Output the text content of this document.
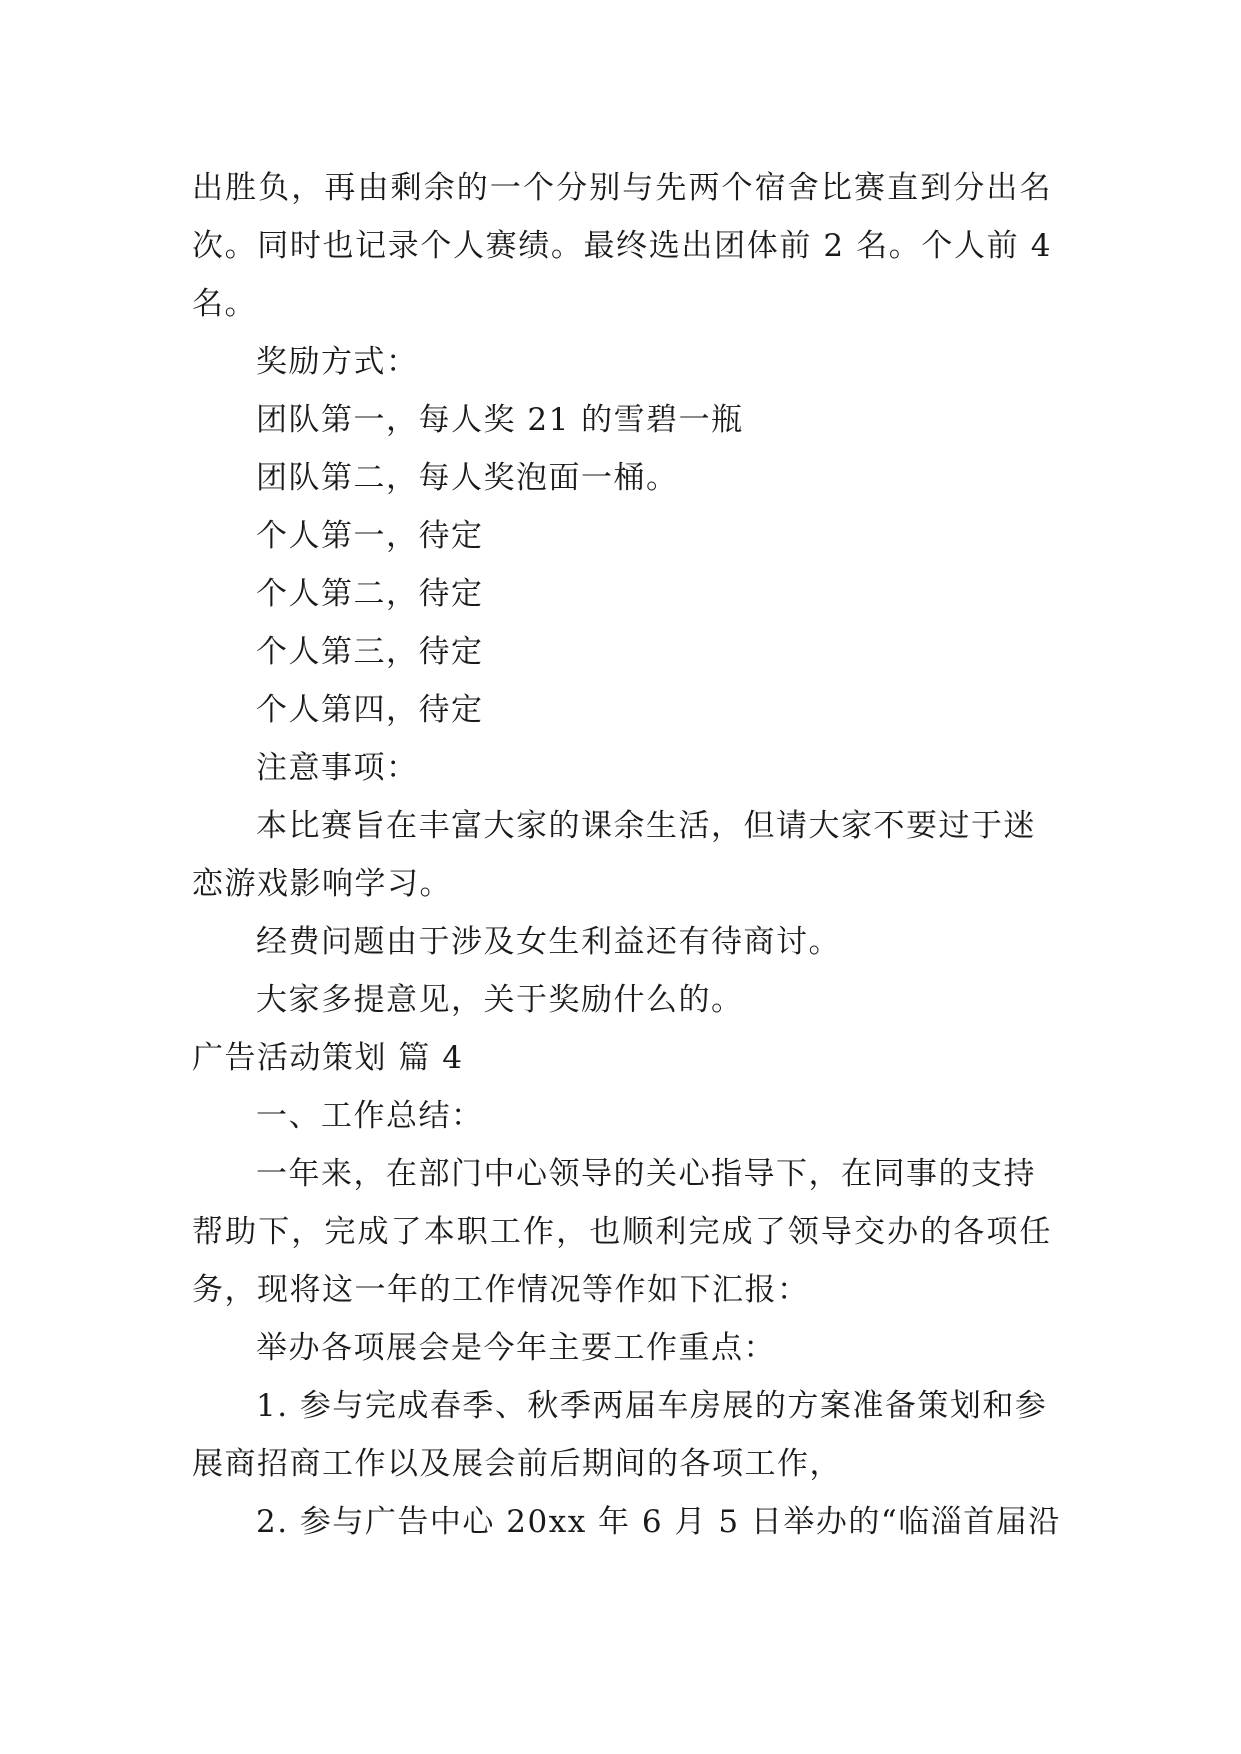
出胜负，再由剩余的一个分别与先两个宿舍比赛直到分出名
次。同时也记录个人赛绩。最终选出团体前 2 名。个人前 4
名。
奖励方式：
团队第一，每人奖 21 的雪碧一瓶
团队第二，每人奖泡面一桶。
个人第一，待定
个人第二，待定
个人第三，待定
个人第四，待定
注意事项：
本比赛旨在丰富大家的课余生活，但请大家不要过于迷
恋游戏影响学习。
经费问题由于涉及女生利益还有待商讨。
大家多提意见，关于奖励什么的。
广告活动策划 篇 4
一、工作总结：
一年来，在部门中心领导的关心指导下，在同事的支持
帮助下，完成了本职工作，也顺利完成了领导交办的各项任
务，现将这一年的工作情况等作如下汇报：
举办各项展会是今年主要工作重点：
1. 参与完成春季、秋季两届车房展的方案准备策划和参
展商招商工作以及展会前后期间的各项工作，
2. 参与广告中心 20xx 年 6 月 5 日举办的“临淄首届沿
